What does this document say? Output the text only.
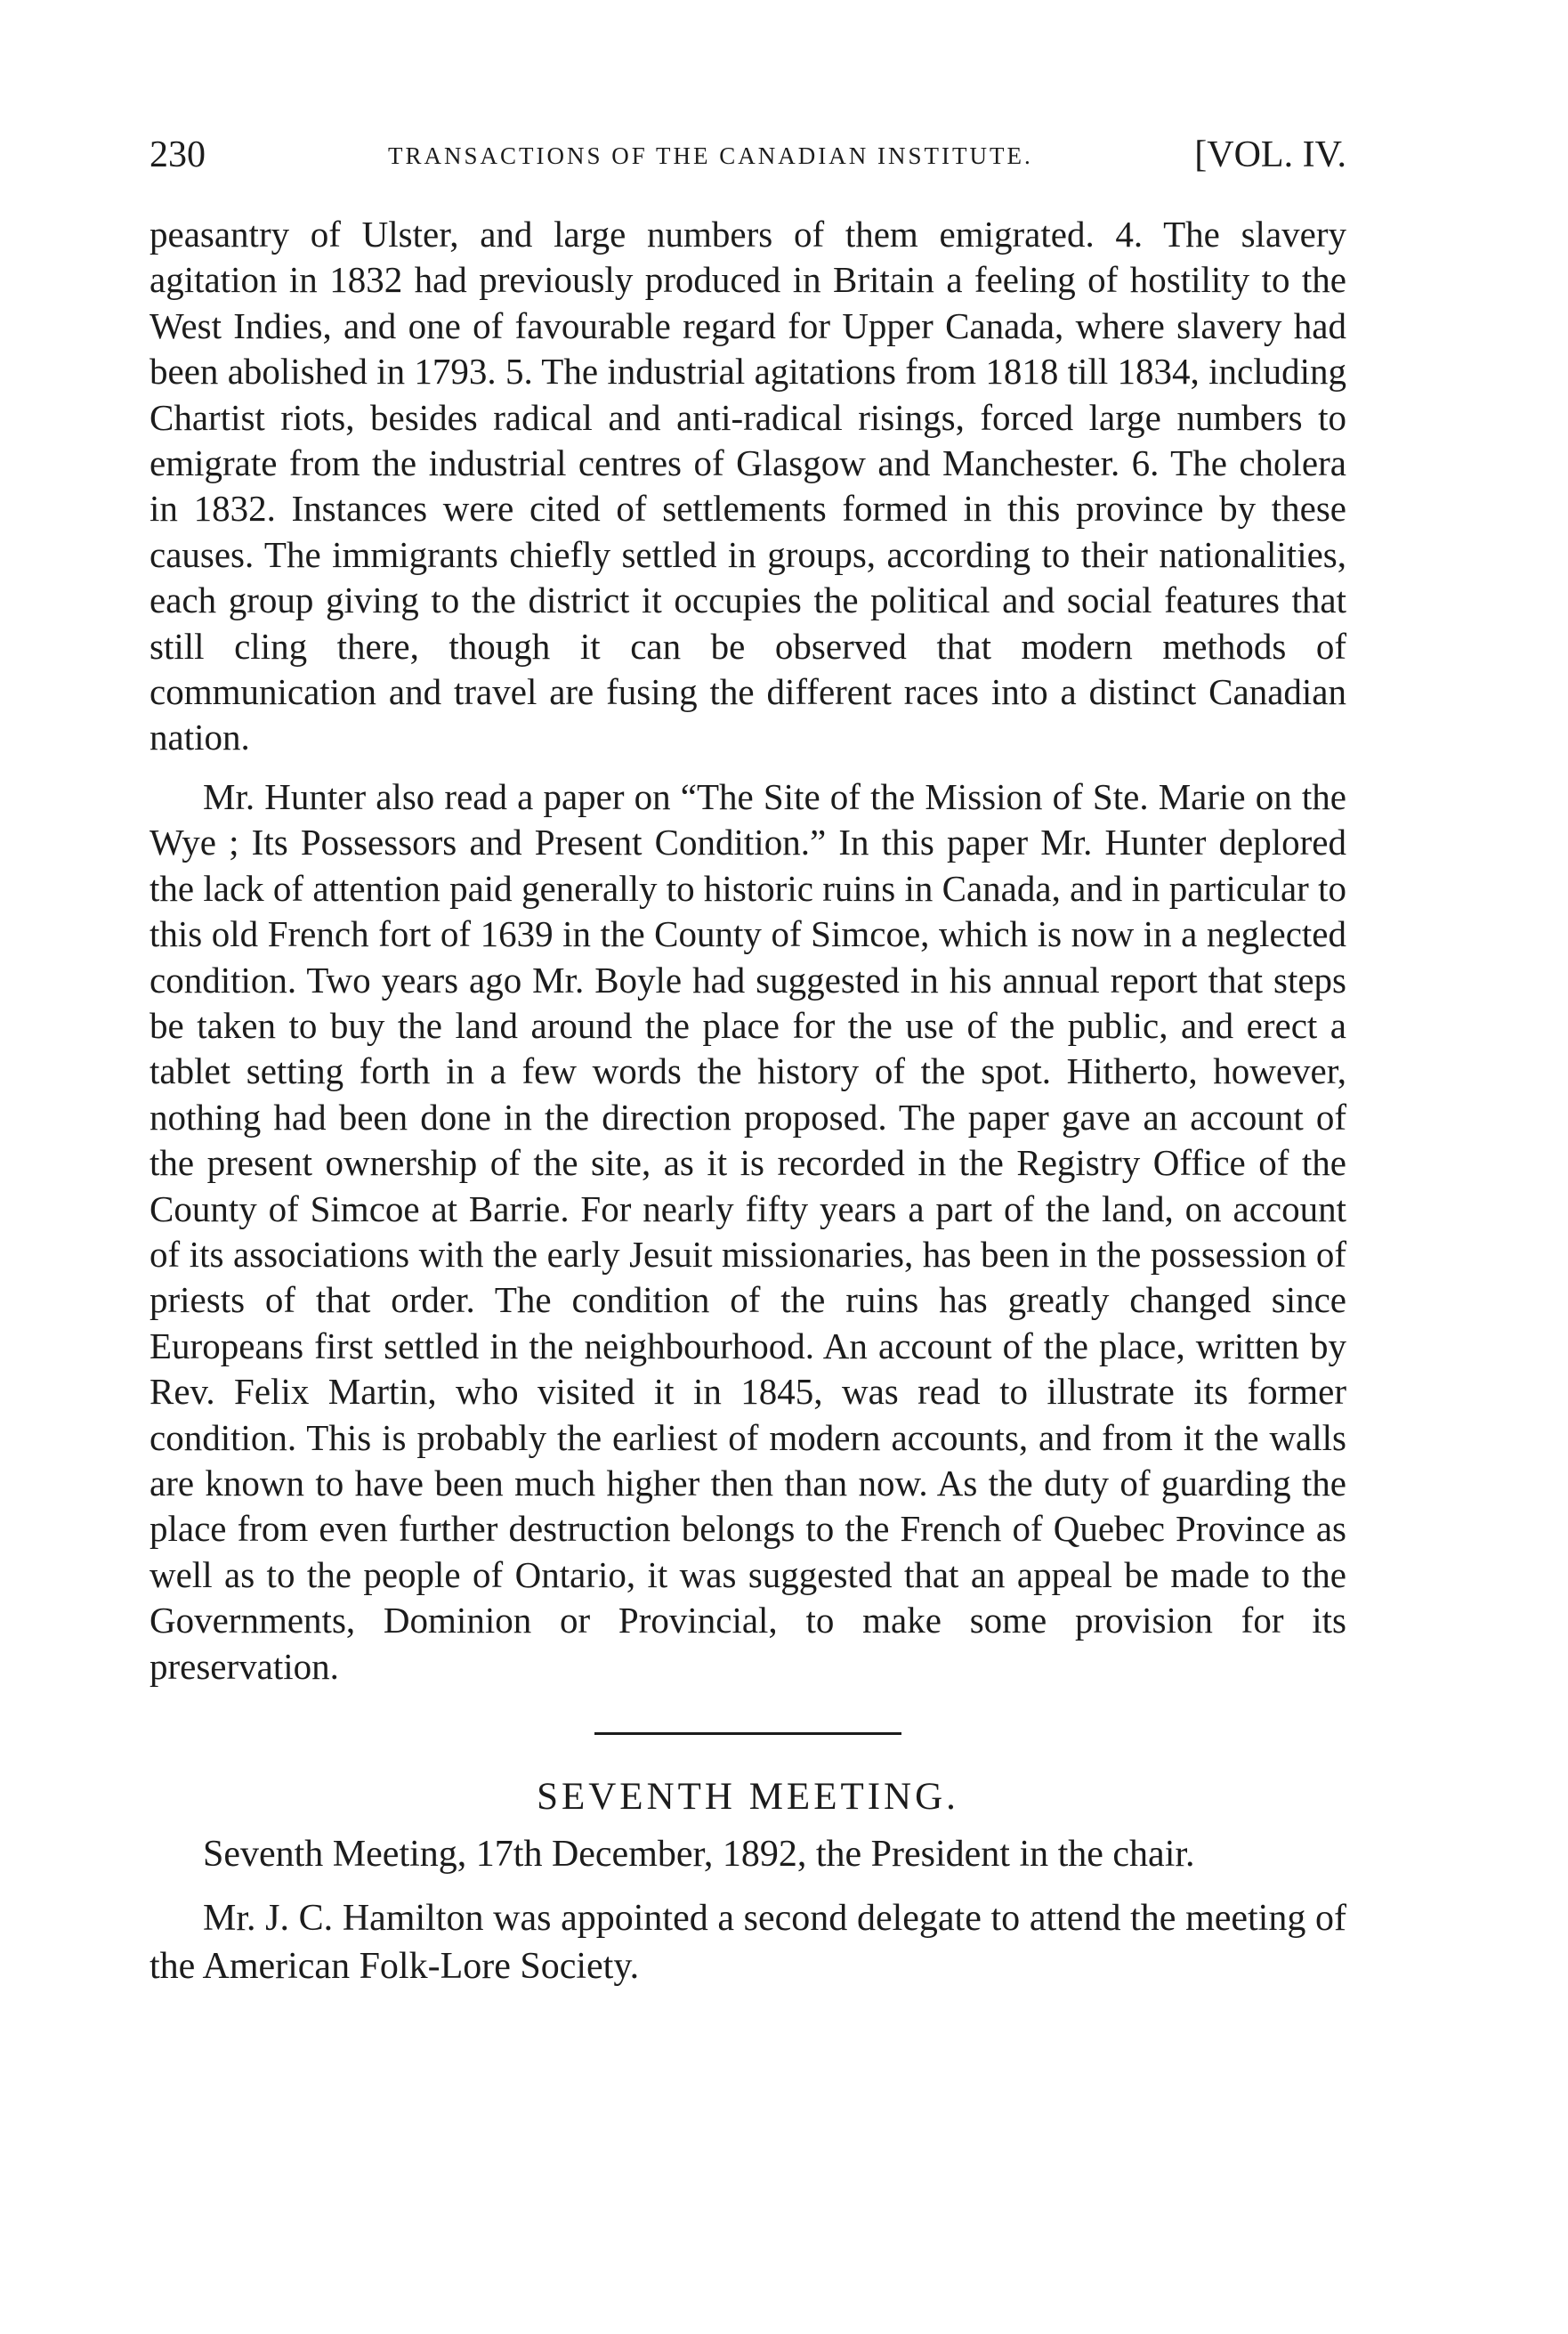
230	TRANSACTIONS OF THE CANADIAN INSTITUTE.	[VOL. IV.

peasantry of Ulster, and large numbers of them emigrated. 4. The slavery agitation in 1832 had previously produced in Britain a feeling of hostility to the West Indies, and one of favourable regard for Upper Canada, where slavery had been abolished in 1793. 5. The industrial agitations from 1818 till 1834, including Chartist riots, besides radical and anti-radical risings, forced large numbers to emigrate from the industrial centres of Glasgow and Manchester. 6. The cholera in 1832. Instances were cited of settlements formed in this province by these causes. The immigrants chiefly settled in groups, according to their nationalities, each group giving to the district it occupies the political and social features that still cling there, though it can be observed that modern methods of communication and travel are fusing the different races into a distinct Canadian nation.

Mr. Hunter also read a paper on “The Site of the Mission of Ste. Marie on the Wye ; Its Possessors and Present Condition.” In this paper Mr. Hunter deplored the lack of attention paid generally to historic ruins in Canada, and in particular to this old French fort of 1639 in the County of Simcoe, which is now in a neglected condition. Two years ago Mr. Boyle had suggested in his annual report that steps be taken to buy the land around the place for the use of the public, and erect a tablet setting forth in a few words the history of the spot. Hitherto, however, nothing had been done in the direction proposed. The paper gave an account of the present ownership of the site, as it is recorded in the Registry Office of the County of Simcoe at Barrie. For nearly fifty years a part of the land, on account of its associations with the early Jesuit missionaries, has been in the possession of priests of that order. The condition of the ruins has greatly changed since Europeans first settled in the neighbourhood. An account of the place, written by Rev. Felix Martin, who visited it in 1845, was read to illustrate its former condition. This is probably the earliest of modern accounts, and from it the walls are known to have been much higher then than now. As the duty of guarding the place from even further destruction belongs to the French of Quebec Province as well as to the people of Ontario, it was suggested that an appeal be made to the Governments, Dominion or Provincial, to make some provision for its preservation.

SEVENTH MEETING.

Seventh Meeting, 17th December, 1892, the President in the chair.

Mr. J. C. Hamilton was appointed a second delegate to attend the meeting of the American Folk-Lore Society.
